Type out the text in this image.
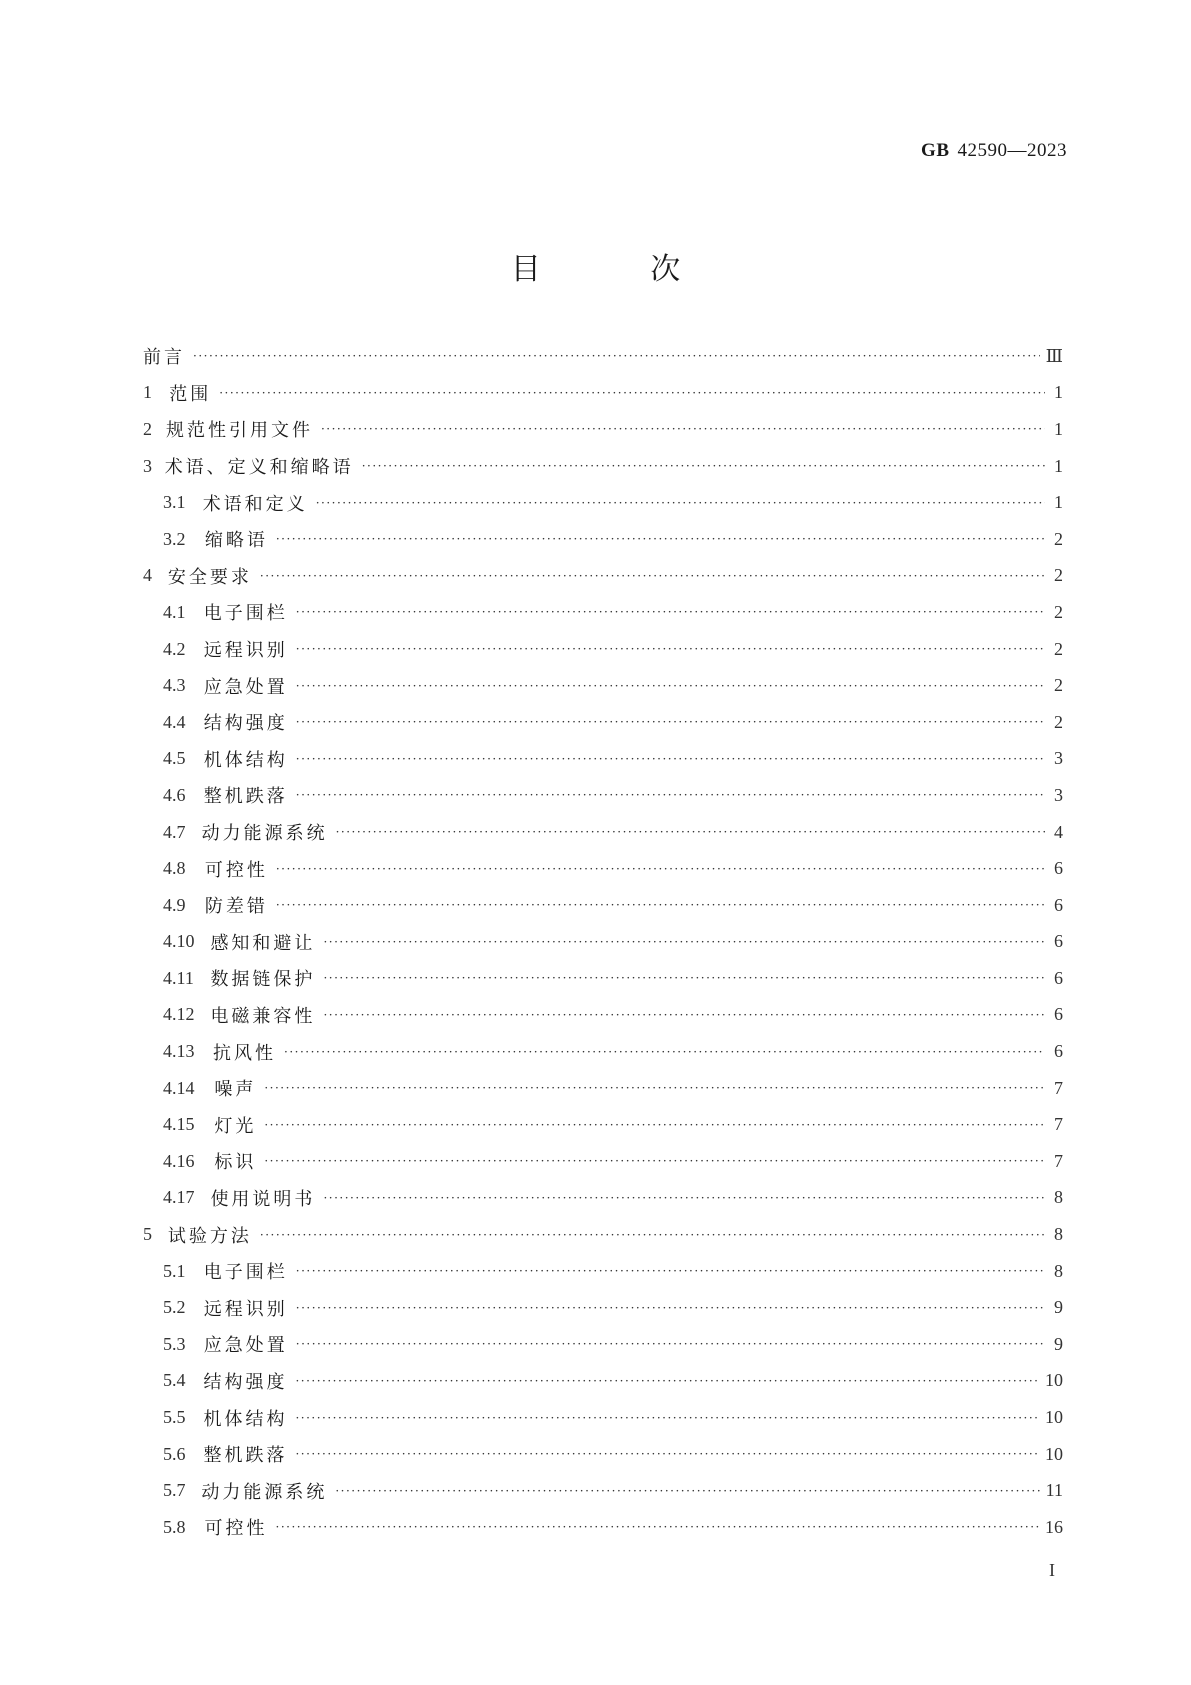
GB 42590—2023
目 次
前言 ·····	Ⅲ
1 范围 ·····	1
2 规范性引用文件 ·····	1
3 术语、定义和缩略语 ·····	1
3.1 术语和定义 ·····	1
3.2	缩略语 ·····	2
4 安全要求 ·····	2
4.1	电子围栏 ·····	2
4.2	远程识别 ·····	2
4.3	应急处置 ·····	2
4.4	结构强度 ·····	2
4.5	机体结构 ·····	3
4.6	整机跌落 ·····	3
4.7 动力能源系统 ·····	4
4.8	可控性 ·····	6
4.9	防差错 ·····	6
4.10 感知和避让 ·····	6
4.11 数据链保护 ·····	6
4.12 电磁兼容性 ·····	6
4.13	抗风性 ·····	6
4.14	噪声 ·····	7
4.15	灯光 ·····	7
4.16	标识 ·····	7
4.17 使用说明书 ·····	8
5 试验方法 ·····	8
5.1	电子围栏 ·····	8
5.2	远程识别 ·····	9
5.3	应急处置 ·····	9
5.4 结构强度 ·····	10
5.5 机体结构 ·····	10
5.6 整机跌落 ·····	10
5.7 动力能源系统 ·····	11
5.8	可控性 ·····	16
I
